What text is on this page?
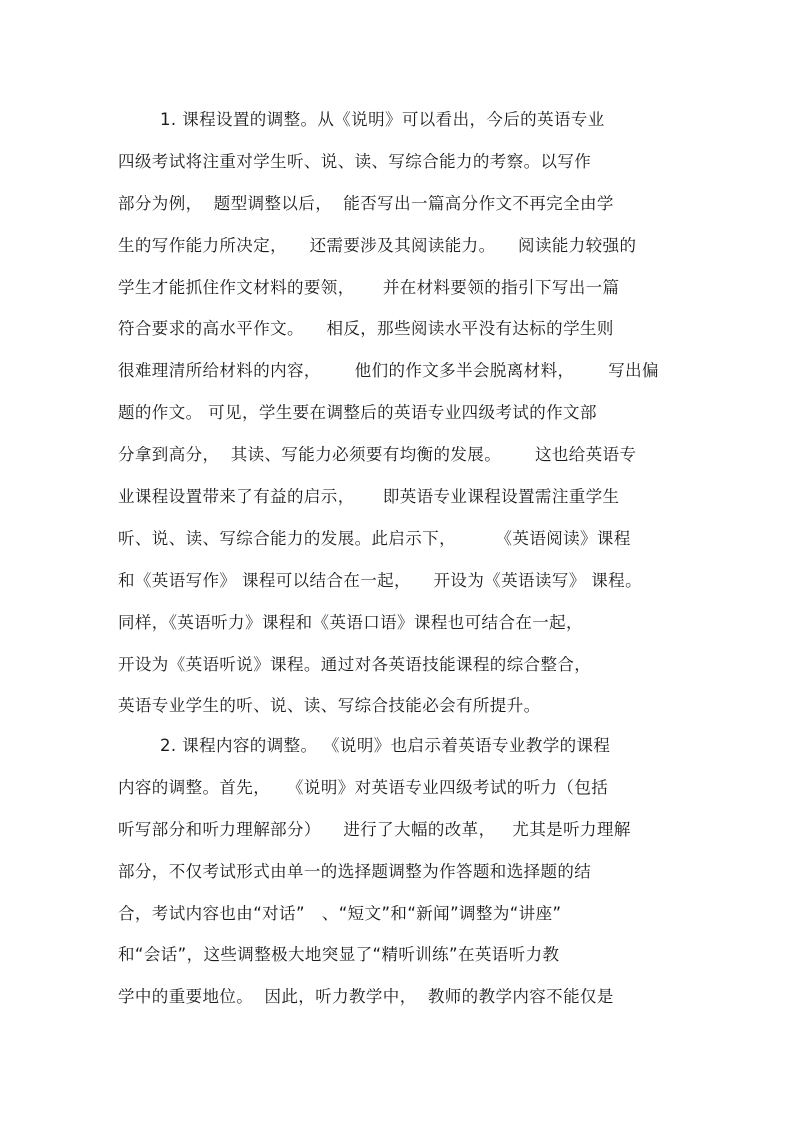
1. 课程设置的调整。从《说明》可以看出，今后的英语专业
四级考试将注重对学生听、说、读、写综合能力的考察。以写作
部分为例，  题型调整以后，  能否写出一篇高分作文不再完全由学
生的写作能力所决定，    还需要涉及其阅读能力。    阅读能力较强的
学生才能抓住作文材料的要领，     并在材料要领的指引下写出一篇
符合要求的高水平作文。    相反，那些阅读水平没有达标的学生则
很难理清所给材料的内容，      他们的作文多半会脱离材料，      写出偏
题的作文。 可见，学生要在调整后的英语专业四级考试的作文部
分拿到高分，  其读、写能力必须要有均衡的发展。      这也给英语专
业课程设置带来了有益的启示，     即英语专业课程设置需注重学生
听、说、读、写综合能力的发展。此启示下，       《英语阅读》课程
和《英语写作》 课程可以结合在一起，    开设为《英语读写》 课程。
同样，《英语听力》课程和《英语口语》课程也可结合在一起，
开设为《英语听说》课程。通过对各英语技能课程的综合整合，
英语专业学生的听、说、读、写综合技能必会有所提升。
2. 课程内容的调整。 《说明》也启示着英语专业教学的课程
内容的调整。首先，   《说明》对英语专业四级考试的听力（包括
听写部分和听力理解部分）    进行了大幅的改革，   尤其是听力理解
部分，不仅考试形式由单一的选择题调整为作答题和选择题的结
合，考试内容也由“对话”   、“短文”和“新闻”调整为“讲座”
和“会话”，这些调整极大地突显了“精听训练”在英语听力教
学中的重要地位。  因此，听力教学中，  教师的教学内容不能仅是
